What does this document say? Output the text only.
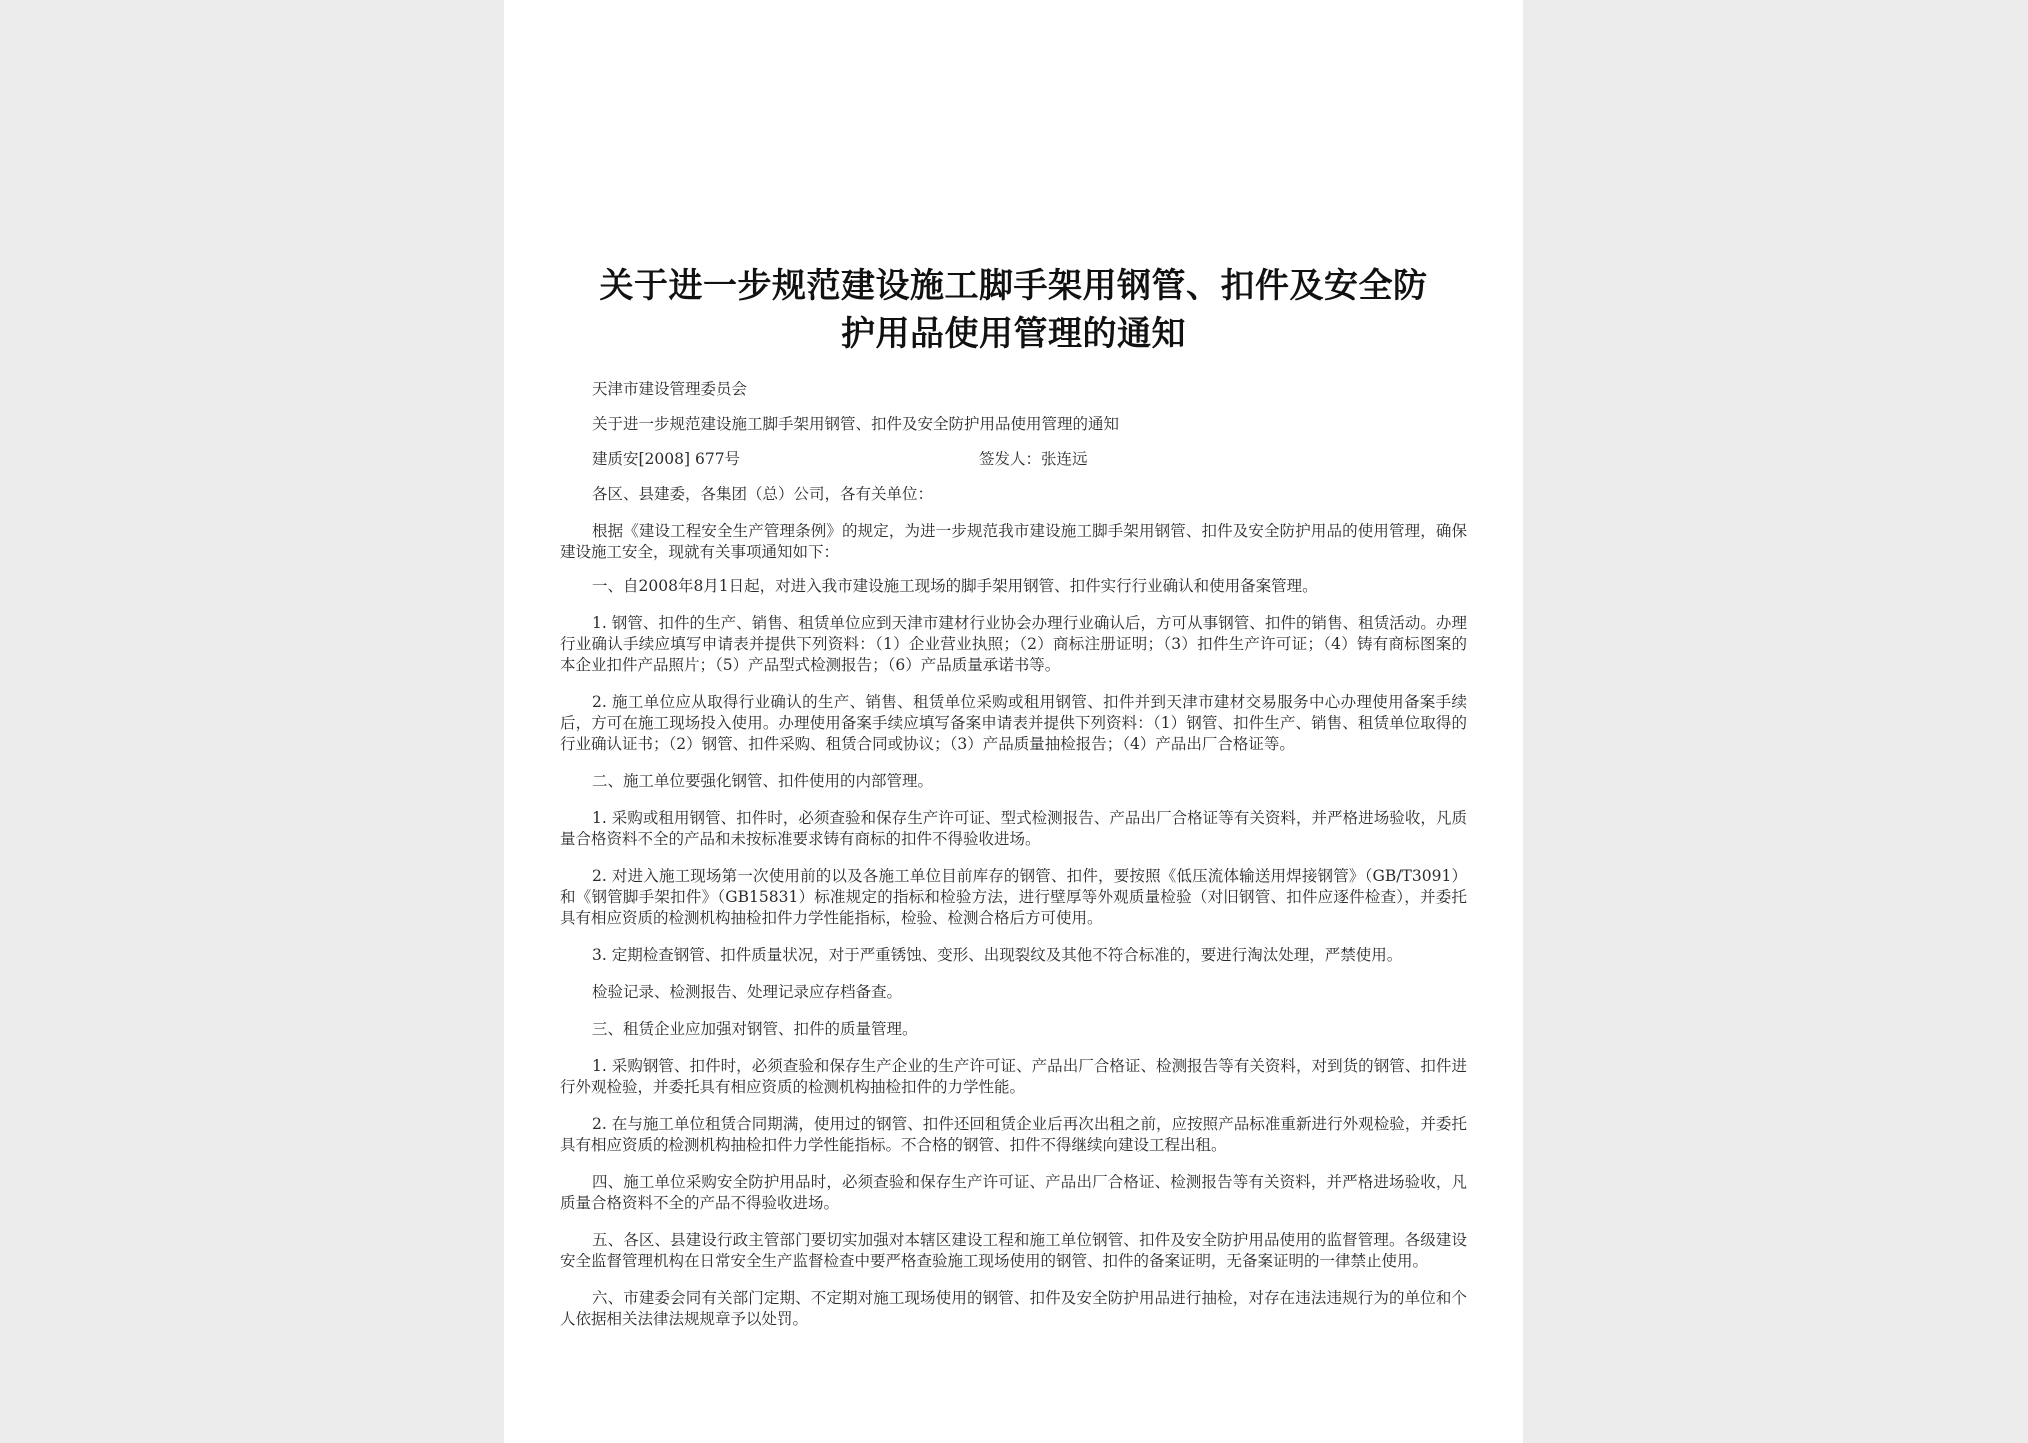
关于进一步规范建设施工脚手架用钢管、扣件及安全防
护用品使用管理的通知

天津市建设管理委员会

关于进一步规范建设施工脚手架用钢管、扣件及安全防护用品使用管理的通知

建质安[2008] 677号	签发人：张连远

各区、县建委，各集团（总）公司，各有关单位：

根据《建设工程安全生产管理条例》的规定，为进一步规范我市建设施工脚手架用钢管、扣件及安全防护用品的使用管理，确保建设施工安全，现就有关事项通知如下：

一、自2008年8月1日起，对进入我市建设施工现场的脚手架用钢管、扣件实行行业确认和使用备案管理。

1. 钢管、扣件的生产、销售、租赁单位应到天津市建材行业协会办理行业确认后，方可从事钢管、扣件的销售、租赁活动。办理行业确认手续应填写申请表并提供下列资料：（1）企业营业执照；（2）商标注册证明；（3）扣件生产许可证；（4）铸有商标图案的本企业扣件产品照片；（5）产品型式检测报告；（6）产品质量承诺书等。

2. 施工单位应从取得行业确认的生产、销售、租赁单位采购或租用钢管、扣件并到天津市建材交易服务中心办理使用备案手续后，方可在施工现场投入使用。办理使用备案手续应填写备案申请表并提供下列资料：（1）钢管、扣件生产、销售、租赁单位取得的行业确认证书；（2）钢管、扣件采购、租赁合同或协议；（3）产品质量抽检报告；（4）产品出厂合格证等。

二、施工单位要强化钢管、扣件使用的内部管理。

1. 采购或租用钢管、扣件时，必须查验和保存生产许可证、型式检测报告、产品出厂合格证等有关资料，并严格进场验收，凡质量合格资料不全的产品和未按标准要求铸有商标的扣件不得验收进场。

2. 对进入施工现场第一次使用前的以及各施工单位目前库存的钢管、扣件，要按照《低压流体输送用焊接钢管》（GB/T3091）和《钢管脚手架扣件》（GB15831）标准规定的指标和检验方法，进行壁厚等外观质量检验（对旧钢管、扣件应逐件检查），并委托具有相应资质的检测机构抽检扣件力学性能指标，检验、检测合格后方可使用。

3. 定期检查钢管、扣件质量状况，对于严重锈蚀、变形、出现裂纹及其他不符合标准的，要进行淘汰处理，严禁使用。

检验记录、检测报告、处理记录应存档备查。

三、租赁企业应加强对钢管、扣件的质量管理。

1. 采购钢管、扣件时，必须查验和保存生产企业的生产许可证、产品出厂合格证、检测报告等有关资料，对到货的钢管、扣件进行外观检验，并委托具有相应资质的检测机构抽检扣件的力学性能。

2. 在与施工单位租赁合同期满，使用过的钢管、扣件还回租赁企业后再次出租之前，应按照产品标准重新进行外观检验，并委托具有相应资质的检测机构抽检扣件力学性能指标。不合格的钢管、扣件不得继续向建设工程出租。

四、施工单位采购安全防护用品时，必须查验和保存生产许可证、产品出厂合格证、检测报告等有关资料，并严格进场验收，凡质量合格资料不全的产品不得验收进场。

五、各区、县建设行政主管部门要切实加强对本辖区建设工程和施工单位钢管、扣件及安全防护用品使用的监督管理。各级建设安全监督管理机构在日常安全生产监督检查中要严格查验施工现场使用的钢管、扣件的备案证明，无备案证明的一律禁止使用。

六、市建委会同有关部门定期、不定期对施工现场使用的钢管、扣件及安全防护用品进行抽检，对存在违法违规行为的单位和个人依据相关法律法规规章予以处罚。
